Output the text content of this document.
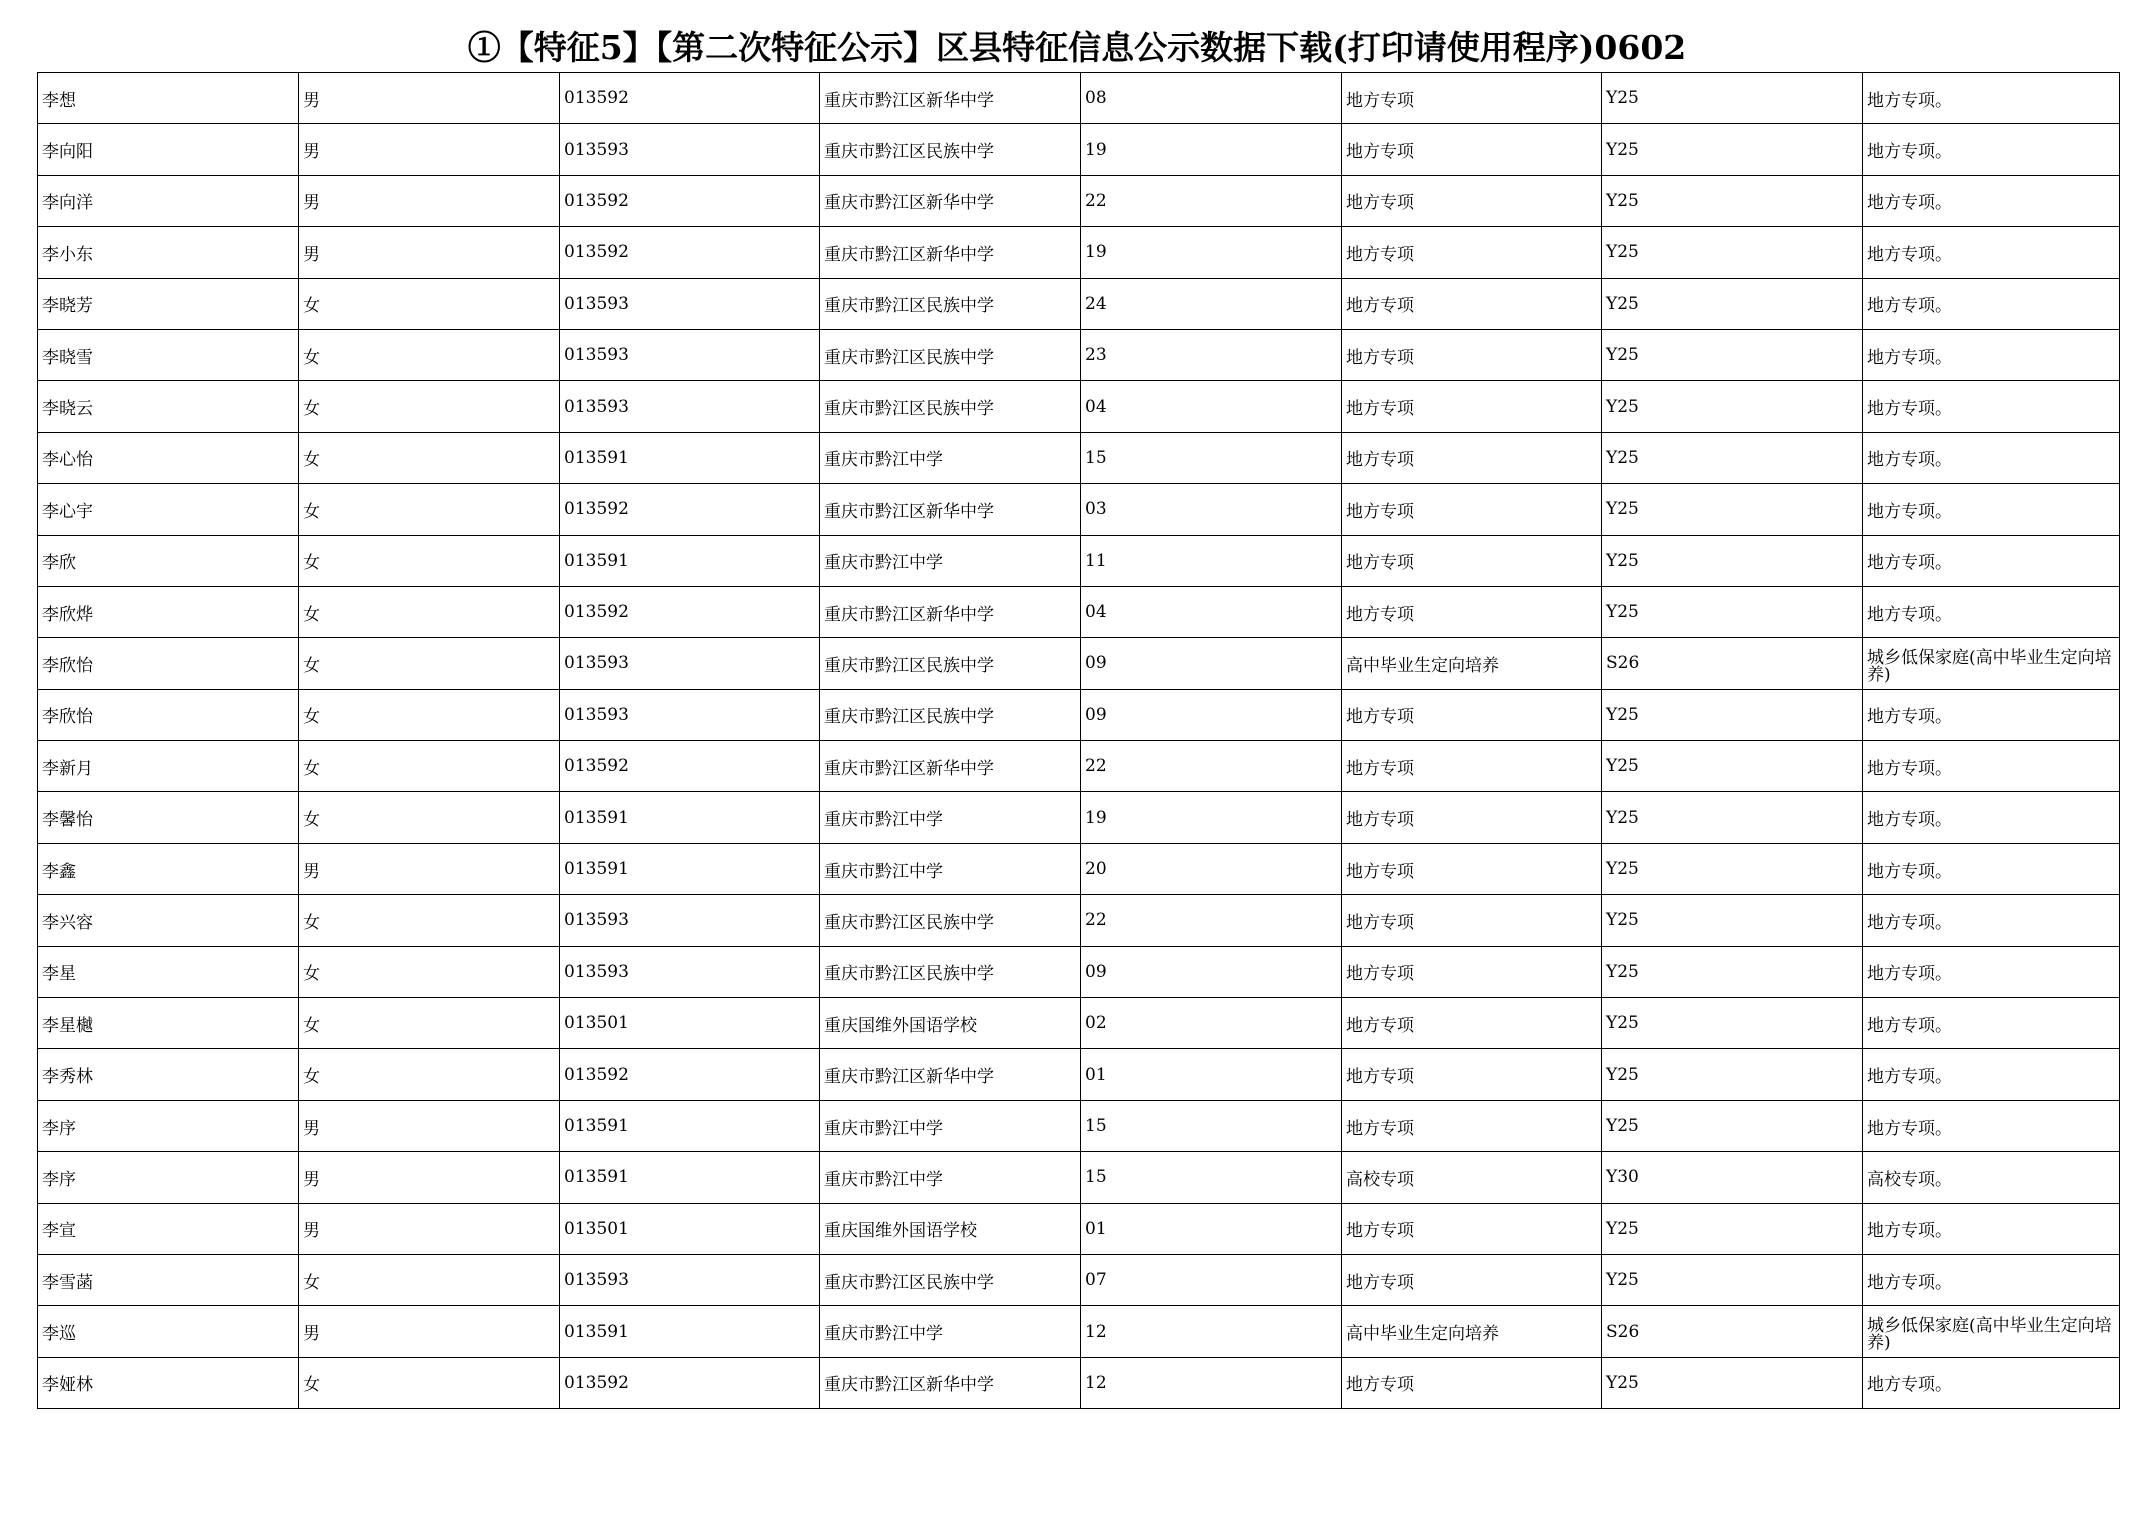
①【特征5】【第二次特征公示】区县特征信息公示数据下载(打印请使用程序)0602
李想	男	013592	重庆市黔江区新华中学	08	地方专项	Y25	地方专项。
李向阳	男	013593	重庆市黔江区民族中学	19	地方专项	Y25	地方专项。
李向洋	男	013592	重庆市黔江区新华中学	22	地方专项	Y25	地方专项。
李小东	男	013592	重庆市黔江区新华中学	19	地方专项	Y25	地方专项。
李晓芳	女	013593	重庆市黔江区民族中学	24	地方专项	Y25	地方专项。
李晓雪	女	013593	重庆市黔江区民族中学	23	地方专项	Y25	地方专项。
李晓云	女	013593	重庆市黔江区民族中学	04	地方专项	Y25	地方专项。
李心怡	女	013591	重庆市黔江中学	15	地方专项	Y25	地方专项。
李心宇	女	013592	重庆市黔江区新华中学	03	地方专项	Y25	地方专项。
李欣	女	013591	重庆市黔江中学	11	地方专项	Y25	地方专项。
李欣烨	女	013592	重庆市黔江区新华中学	04	地方专项	Y25	地方专项。
李欣怡	女	013593	重庆市黔江区民族中学	09	高中毕业生定向培养	S26	城乡低保家庭(高中毕业生定向培养)
李欣怡	女	013593	重庆市黔江区民族中学	09	地方专项	Y25	地方专项。
李新月	女	013592	重庆市黔江区新华中学	22	地方专项	Y25	地方专项。
李馨怡	女	013591	重庆市黔江中学	19	地方专项	Y25	地方专项。
李鑫	男	013591	重庆市黔江中学	20	地方专项	Y25	地方专项。
李兴容	女	013593	重庆市黔江区民族中学	22	地方专项	Y25	地方专项。
李星	女	013593	重庆市黔江区民族中学	09	地方专项	Y25	地方专项。
李星樾	女	013501	重庆国维外国语学校	02	地方专项	Y25	地方专项。
李秀林	女	013592	重庆市黔江区新华中学	01	地方专项	Y25	地方专项。
李序	男	013591	重庆市黔江中学	15	地方专项	Y25	地方专项。
李序	男	013591	重庆市黔江中学	15	高校专项	Y30	高校专项。
李宣	男	013501	重庆国维外国语学校	01	地方专项	Y25	地方专项。
李雪菡	女	013593	重庆市黔江区民族中学	07	地方专项	Y25	地方专项。
李巡	男	013591	重庆市黔江中学	12	高中毕业生定向培养	S26	城乡低保家庭(高中毕业生定向培养)
李娅林	女	013592	重庆市黔江区新华中学	12	地方专项	Y25	地方专项。
